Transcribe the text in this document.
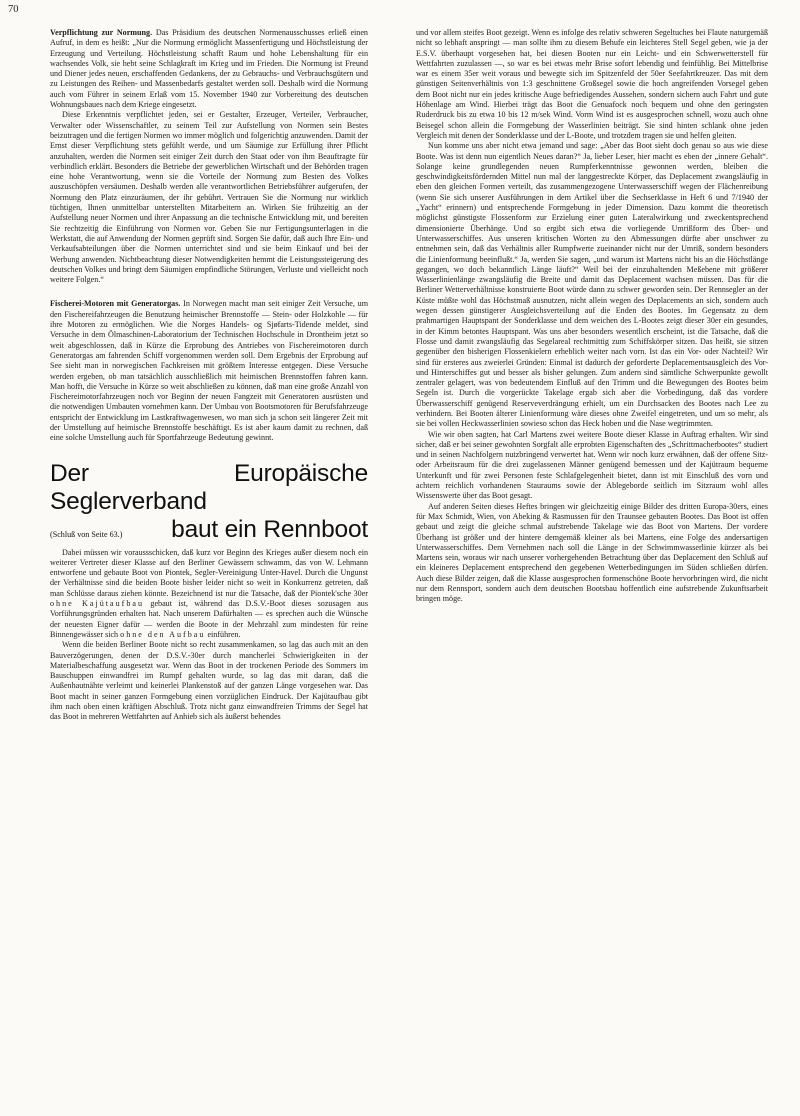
70

Verpflichtung zur Normung. Das Präsidium des deutschen Normenausschusses erließ einen Aufruf, in dem es heißt: „Nur die Normung ermöglicht Massenfertigung und Höchstleistung der Erzeugung und Verteilung. Höchstleistung schafft Raum und hohe Lebenshaltung für ein wachsendes Volk, sie hebt seine Schlagkraft im Krieg und im Frieden. Die Normung ist Freund und Diener jedes neuen, erschaffenden Gedankens, der zu Gebrauchs- und Verbrauchsgütern und zu Leistungen des Reihen- und Massenbedarfs gestaltet werden soll. Deshalb wird die Normung auch vom Führer in seinem Erlaß vom 15. November 1940 zur Vorbereitung des deutschen Wohnungsbaues nach dem Kriege eingesetzt.

Diese Erkenntnis verpflichtet jeden, sei er Gestalter, Erzeuger, Verteiler, Verbraucher, Verwalter oder Wissenschaftler, zu seinem Teil zur Aufstellung von Normen sein Bestes beizutragen und die fertigen Normen wo immer möglich und folgerichtig anzuwenden. Damit der Ernst dieser Verpflichtung stets gefühlt werde, und um Säumige zur Erfüllung ihrer Pflicht anzuhalten, werden die Normen seit einiger Zeit durch den Staat oder von ihm Beauftragte für verbindlich erklärt. Besonders die Betriebe der gewerblichen Wirtschaft und der Behörden tragen eine hohe Verantwortung, wenn sie die Vorteile der Normung zum Besten des Volkes auszuschöpfen versäumen. Deshalb werden alle verantwortlichen Betriebsführer aufgerufen, der Normung den Platz einzuräumen, der ihr gebührt. Vertrauen Sie die Normung nur wirklich tüchtigen, Ihnen unmittelbar unterstellten Mitarbeitern an. Wirken Sie frühzeitig an der Aufstellung neuer Normen und ihrer Anpassung an die technische Entwicklung mit, und bereiten Sie rechtzeitig die Einführung von Normen vor. Geben Sie nur Fertigungsunterlagen in die Werkstatt, die auf Anwendung der Normen geprüft sind. Sorgen Sie dafür, daß auch Ihre Ein- und Verkaufsabteilungen über die Normen unterrichtet sind und sie beim Einkauf und bei der Werbung anwenden. Nichtbeachtung dieser Notwendigkeiten hemmt die Leistungssteigerung des deutschen Volkes und bringt dem Säumigen empfindliche Störungen, Verluste und vielleicht noch weitere Folgen.“

Fischerei-Motoren mit Generatorgas. In Norwegen macht man seit einiger Zeit Versuche, um den Fischereifahrzeugen die Benutzung heimischer Brennstoffe — Stein- oder Holzkohle — für ihre Motoren zu ermöglichen. Wie die Norges Handels- og Sjøfarts-Tidende meldet, sind Versuche in dem Ölmaschinen-Laboratorium der Technischen Hochschule in Drontheim jetzt so weit abgeschlossen, daß in Kürze die Erprobung des Antriebes von Fischereimotoren durch Generatorgas am fahrenden Schiff vorgenommen werden soll. Dem Ergebnis der Erprobung auf See sieht man in norwegischen Fachkreisen mit größtem Interesse entgegen. Diese Versuche werden ergeben, ob man tatsächlich ausschließlich mit heimischen Brennstoffen fahren kann. Man hofft, die Versuche in Kürze so weit abschließen zu können, daß man eine große Anzahl von Fischereimotorfahrzeugen noch vor Beginn der neuen Fangzeit mit Generatoren ausrüsten und die notwendigen Umbauten vornehmen kann. Der Umbau von Bootsmotoren für Berufsfahrzeuge entspricht der Entwicklung im Lastkraftwagenwesen, wo man sich ja schon seit längerer Zeit mit der Umstellung auf heimische Brennstoffe beschäftigt. Es ist aber kaum damit zu rechnen, daß eine solche Umstellung auch für Sportfahrzeuge Bedeutung gewinnt.

Der Europäische Seglerverband
(Schluß von Seite 63.) baut ein Rennboot

Dabei müssen wir voraussschicken, daß kurz vor Beginn des Krieges außer diesem noch ein weiterer Vertreter dieser Klasse auf den Berliner Gewässern schwamm, das von W. Lehmann entworfene und gebaute Boot von Piontek, Segler-Vereinigung Unter-Havel. Durch die Ungunst der Verhältnisse sind die beiden Boote bisher leider nicht so weit in Konkurrenz getreten, daß man Schlüsse daraus ziehen könnte. Bezeichnend ist nur die Tatsache, daß der Piontek'sche 30er ohne Kajütaufbau gebaut ist, während das D.S.V.-Boot dieses sozusagen aus Vorführungsgründen erhalten hat. Nach unserem Dafürhalten — es sprechen auch die Wünsche der neuesten Eigner dafür — werden die Boote in der Mehrzahl zum mindesten für reine Binnengewässer sich ohne den Aufbau einführen.

Wenn die beiden Berliner Boote nicht so recht zusammenkamen, so lag das auch mit an den Bauverzögerungen, denen der D.S.V.-30er durch mancherlei Schwierigkeiten in der Materialbeschaffung ausgesetzt war. Wenn das Boot in der trockenen Periode des Sommers im Bauschuppen einwandfrei im Rumpf gehalten wurde, so lag das mit daran, daß die Außenhautnähte verleimt und keinerlei Plankenstoß auf der ganzen Länge vorgesehen war. Das Boot macht in seiner ganzen Formgebung einen vorzüglichen Eindruck. Der Kajütaufbau gibt ihm nach oben einen kräftigen Abschluß. Trotz nicht ganz einwandfreien Trimms der Segel hat das Boot in mehreren Wettfahrten auf Anhieb sich als äußerst behendes

und vor allem steifes Boot gezeigt. Wenn es infolge des relativ schweren Segeltuches bei Flaute naturgemäß nicht so lebhaft anspringt — man sollte ihm zu diesem Behufe ein leichteres Stell Segel geben, wie ja der E.S.V. überhaupt vorgesehen hat, bei diesen Booten nur ein Leicht- und ein Schwerwetterstell für Wettfahrten zuzulassen —, so war es bei etwas mehr Brise sofort lebendig und feinfühlig. Bei Mittelbrise war es einem 35er weit voraus und bewegte sich im Spitzenfeld der 50er Seefahrtkreuzer. Das mit dem günstigen Seitenverhältnis von 1:3 geschnittene Großsegel sowie die hoch angreifenden Vorsegel geben dem Boot nicht nur ein jedes kritische Auge befriedigendes Aussehen, sondern sichern auch Fahrt und gute Höhenlage am Wind. Hierbei trägt das Boot die Genuafock noch bequem und ohne den geringsten Ruderdruck bis zu etwa 10 bis 12 m/sek Wind. Vorm Wind ist es ausgesprochen schnell, wozu auch ohne Beisegel schon allein die Formgebung der Wasserlinien beiträgt. Sie sind hinten schlank ohne jeden Vergleich mit denen der Sonderklasse und der L-Boote, und trotzdem tragen sie und helfen gleiten.

Nun komme uns aber nicht etwa jemand und sage: „Aber das Boot sieht doch genau so aus wie diese Boote. Was ist denn nun eigentlich Neues daran?“ Ja, lieber Leser, hier macht es eben der „innere Gehalt“. Solange keine grundlegenden neuen Rumpferkenntnisse gewonnen werden, bleiben die geschwindigkeitsfördernden Mittel nun mal der langgestreckte Körper, das Deplacement zwangsläufig in eben den gleichen Formen verteilt, das zusammengezogene Unterwasserschiff wegen der Flächenreibung (wenn Sie sich unserer Ausführungen in dem Artikel über die Sechserklasse in Heft 6 und 7/1940 der „Yacht“ erinnern) und entsprechende Formgebung in jeder Dimension. Dazu kommt die theoretisch möglichst günstigste Flossenform zur Erzielung einer guten Lateralwirkung und zweckentsprechend dimensionierte Überhänge. Und so ergibt sich etwa die vorliegende Umrißform des Über- und Unterwasserschiffes. Aus unseren kritischen Worten zu den Abmessungen dürfte aber unschwer zu entnehmen sein, daß das Verhältnis aller Rumpfwerte zueinander nicht nur der Umriß, sondern besonders die Linienformung beeinflußt.“ Ja, werden Sie sagen, „und warum ist Martens nicht bis an die Höchstlänge gegangen, wo doch bekanntlich Länge läuft?“ Weil bei der einzuhaltenden Meßebene mit größerer Wasserlinienlänge zwangsläufig die Breite und damit das Deplacement wachsen müssen. Das für die Berliner Wetterverhältnisse konstruierte Boot würde dann zu schwer geworden sein. Der Rennsegler an der Küste müßte wohl das Höchstmaß ausnutzen, nicht allein wegen des Deplacements an sich, sondern auch wegen dessen günstigerer Ausgleichsverteilung auf die Enden des Bootes. Im Gegensatz zu dem prahmartigen Hauptspant der Sonderklasse und dem weichen des L-Bootes zeigt dieser 30er ein gesundes, in der Kimm betontes Hauptspant. Was uns aber besonders wesentlich erscheint, ist die Tatsache, daß die Flosse und damit zwangsläufig das Segelareal rechtmittig zum Schiffskörper sitzen. Das heißt, sie sitzen gegenüber den bisherigen Flossenkielern erheblich weiter nach vorn. Ist das ein Vor- oder Nachteil? Wir sind für ersteres aus zweierlei Gründen: Einmal ist dadurch der geforderte Deplacementsausgleich des Vor- und Hinterschiffes gut und besser als bisher gelungen. Zum andern sind sämtliche Schwerpunkte gewollt zentraler gelagert, was von bedeutendem Einfluß auf den Trimm und die Bewegungen des Bootes beim Segeln ist. Durch die vorgerückte Takelage ergab sich aber die Vorbedingung, daß das vordere Überwasserschiff genügend Reserveverdrängung erhielt, um ein Durchsacken des Bootes nach Lee zu verhindern. Bei Booten älterer Linienformung wäre dieses ohne Zweifel eingetreten, und um so mehr, als sie bei vollen Heckwasserlinien sowieso schon das Heck hoben und die Nase wegtrimmten.

Wie wir oben sagten, hat Carl Martens zwei weitere Boote dieser Klasse in Auftrag erhalten. Wir sind sicher, daß er bei seiner gewohnten Sorgfalt alle erprobten Eigenschaften des „Schrittmacherbootes“ studiert und in seinen Nachfolgern nutzbringend verwertet hat. Wenn wir noch kurz erwähnen, daß der offene Sitz- oder Arbeitsraum für die drei zugelassenen Männer genügend bemessen und der Kajütraum bequeme Unterkunft und für zwei Personen feste Schlafgelegenheit bietet, dann ist mit Einschluß des vorn und achtern reichlich vorhandenen Stauraums sowie der Ablegeborde seitlich im Sitzraum wohl alles Wissenswerte über das Boot gesagt.

Auf anderen Seiten dieses Heftes bringen wir gleichzeitig einige Bilder des dritten Europa-30ers, eines für Max Schmidt, Wien, von Abeking & Rasmussen für den Traunsee gebauten Bootes. Das Boot ist offen gebaut und zeigt die gleiche schmal aufstrebende Takelage wie das Boot von Martens. Der vordere Überhang ist größer und der hintere demgemäß kleiner als bei Martens, eine Folge des andersartigen Unterwasserschiffes. Dem Vernehmen nach soll die Länge in der Schwimmwasserlinie kürzer als bei Martens sein, woraus wir nach unserer vorhergehenden Betrachtung über das Deplacement den Schluß auf ein kleineres Deplacement entsprechend den gegebenen Wetterbedingungen im Süden schließen dürfen. Auch diese Bilder zeigen, daß die Klasse ausgesprochen formenschöne Boote hervorbringen wird, die nicht nur dem Rennsport, sondern auch dem deutschen Bootsbau hoffentlich eine aufstrebende Zukunftsarbeit bringen möge.
